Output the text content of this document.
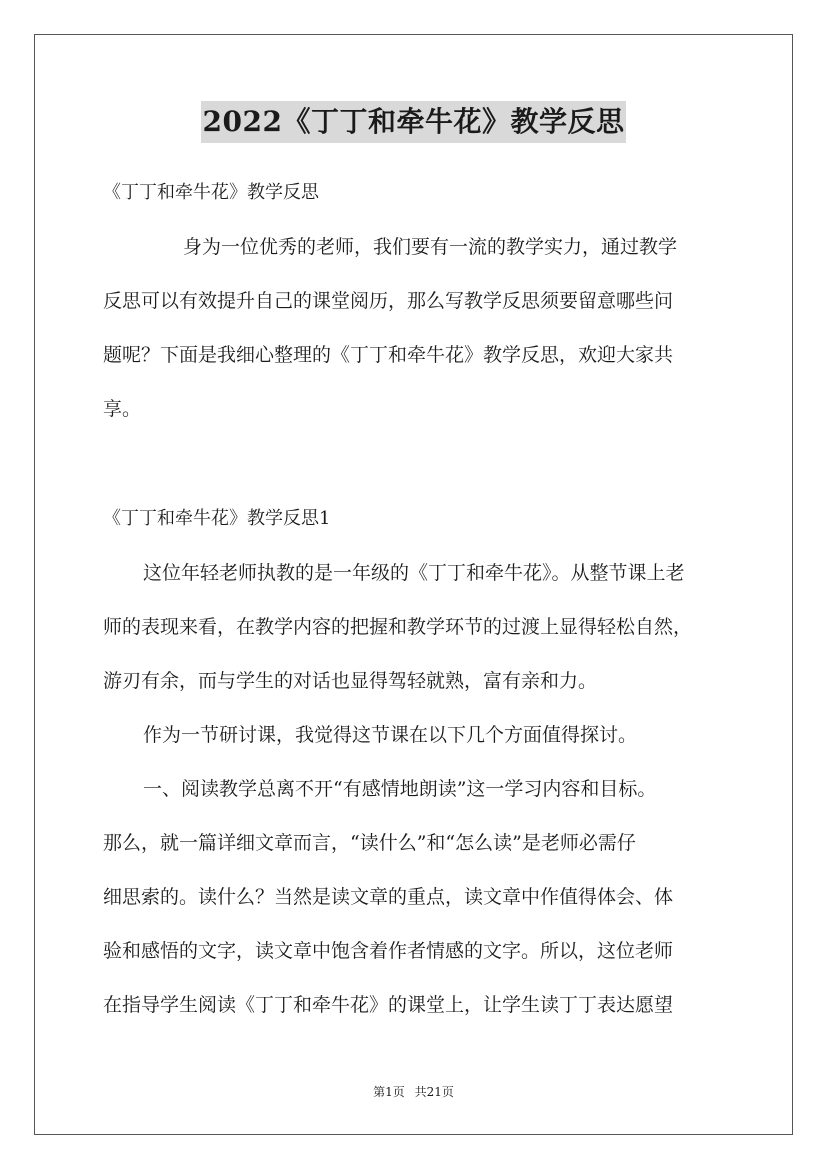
2022《丁丁和牵牛花》教学反思
《丁丁和牵牛花》教学反思
身为一位优秀的老师，我们要有一流的教学实力，通过教学
反思可以有效提升自己的课堂阅历，那么写教学反思须要留意哪些问
题呢？下面是我细心整理的《丁丁和牵牛花》教学反思，欢迎大家共
享。
《丁丁和牵牛花》教学反思1
这位年轻老师执教的是一年级的《丁丁和牵牛花》。从整节课上老
师的表现来看，在教学内容的把握和教学环节的过渡上显得轻松自然，
游刃有余，而与学生的对话也显得驾轻就熟，富有亲和力。
作为一节研讨课，我觉得这节课在以下几个方面值得探讨。
一、阅读教学总离不开“有感情地朗读”这一学习内容和目标。
那么，就一篇详细文章而言，“读什么”和“怎么读”是老师必需仔
细思索的。读什么？当然是读文章的重点，读文章中作值得体会、体
验和感悟的文字，读文章中饱含着作者情感的文字。所以，这位老师
在指导学生阅读《丁丁和牵牛花》的课堂上，让学生读丁丁表达愿望
第1页 共21页
